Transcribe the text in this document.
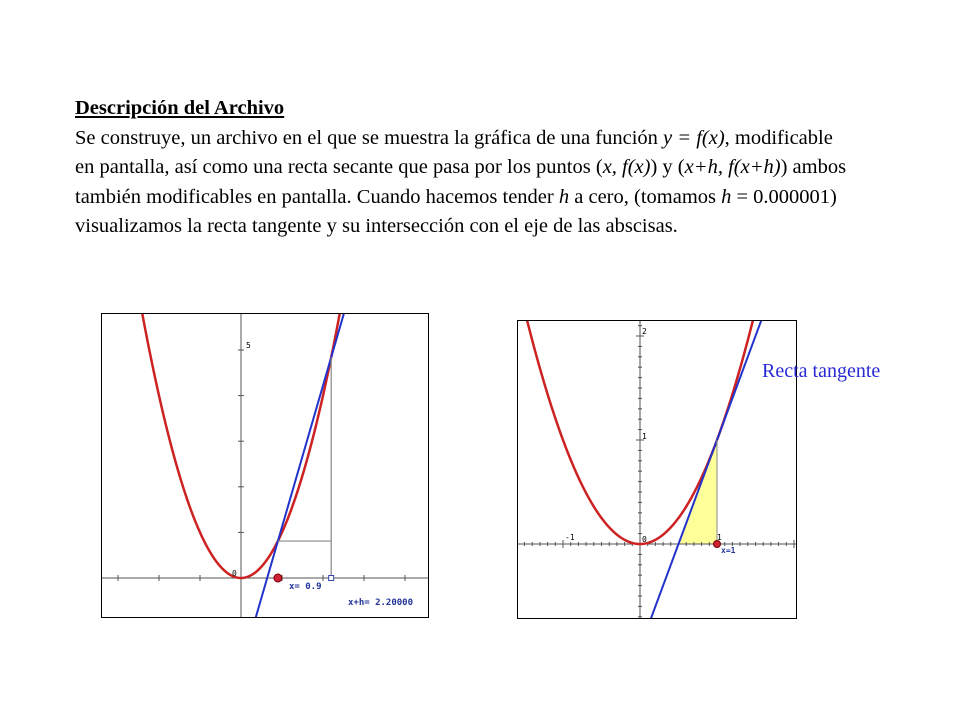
Descripción del Archivo
Se construye, un archivo en el que se muestra la gráfica de una función y = f(x), modificable en pantalla, así como una recta secante que pasa por los puntos (x, f(x)) y (x+h, f(x+h)) ambos también modificables en pantalla. Cuando hacemos tender h a cero, (tomamos h = 0.000001) visualizamos la recta tangente y su intersección con el eje de las abscisas.
5
0
x= 0.9
x+h= 2.20000
2
1
-1	1
0
x=1
Recta tangente
